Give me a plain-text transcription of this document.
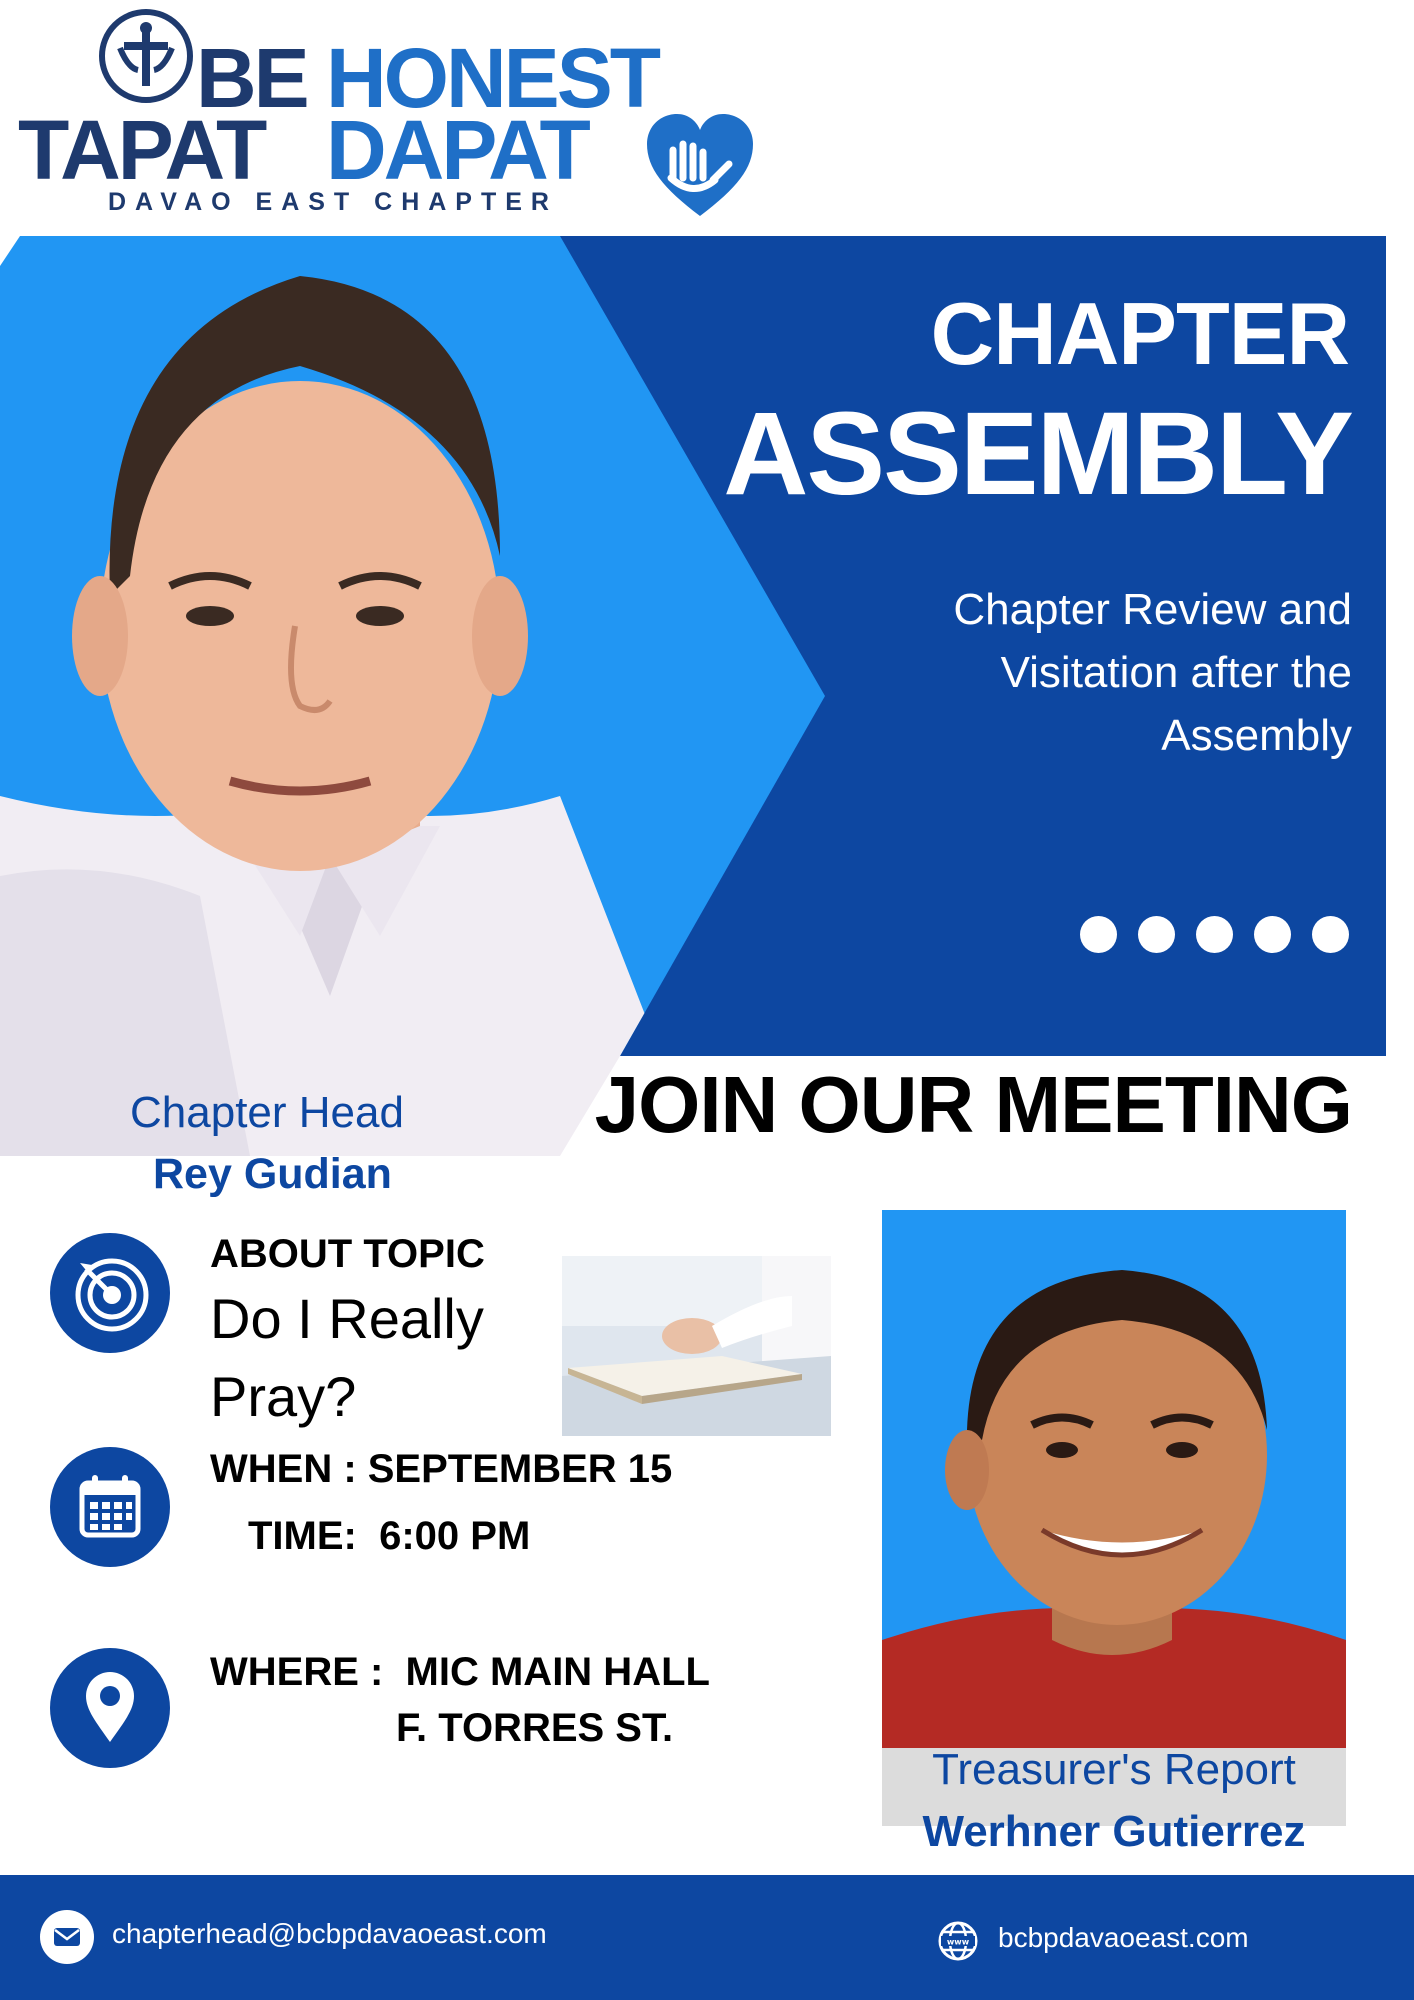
BE HONEST
TAPAT DAPAT
DAVAO EAST CHAPTER
CHAPTER
ASSEMBLY
Chapter Review and
Visitation after the
Assembly
Chapter Head
Rey Gudian
JOIN OUR MEETING
ABOUT TOPIC
Do I Really Pray?
WHEN : SEPTEMBER 15
TIME:  6:00 PM
WHERE :  MIC MAIN HALL
F. TORRES ST.
Treasurer's Report
Werhner Gutierrez
chapterhead@bcbpdavaoeast.com	www bcbpdavaoeast.com
